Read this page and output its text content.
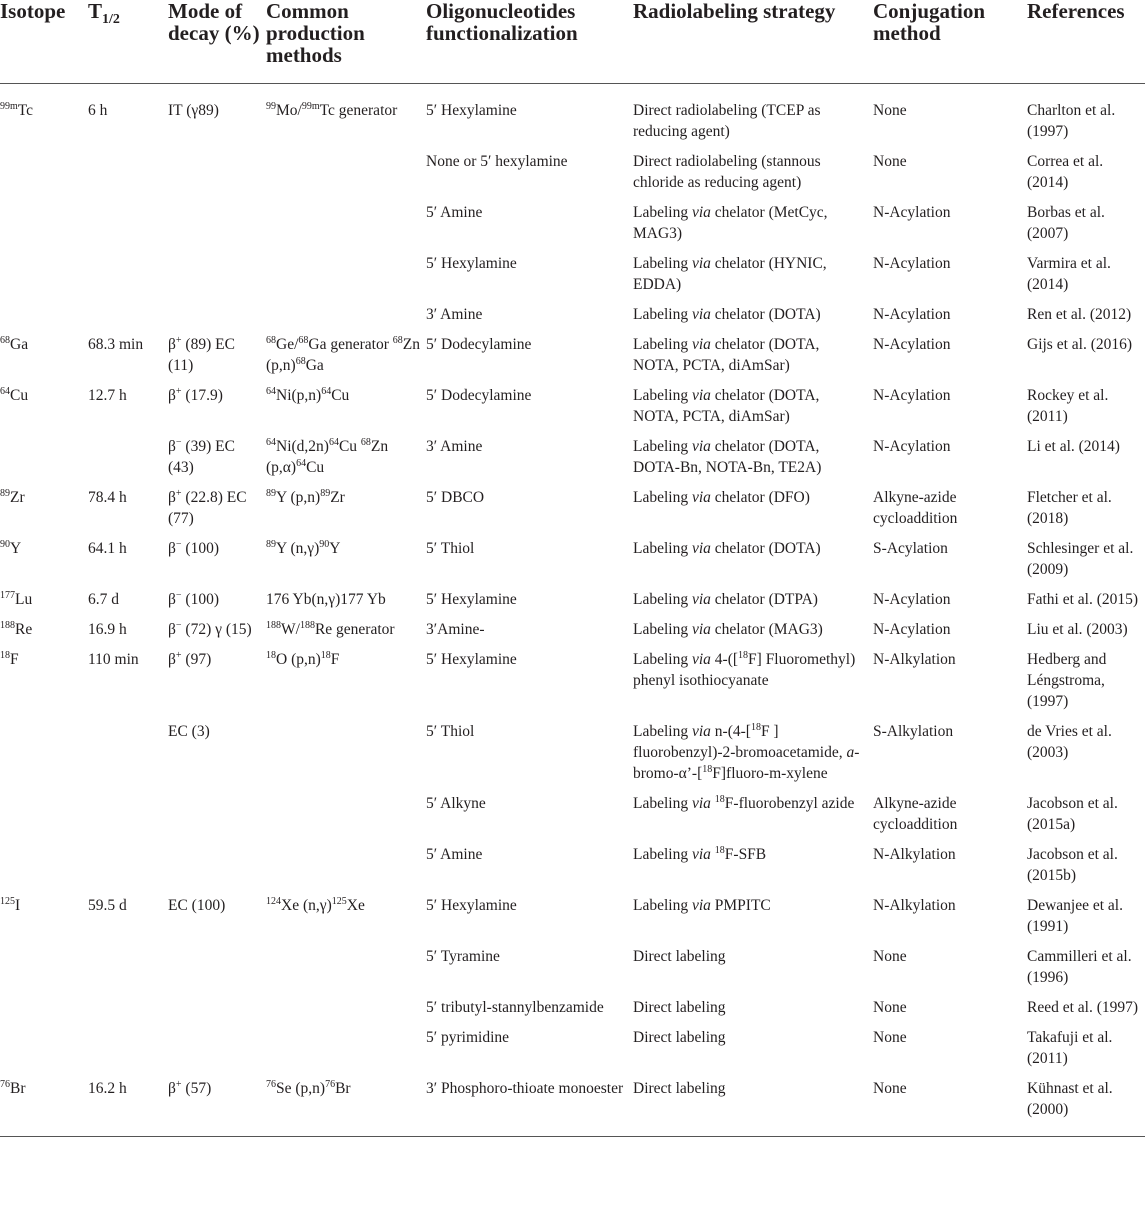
Isotope	$T_{1/2}$	Mode of decay (%)	Common production methods	Oligonucleotides functionalization	Radiolabeling strategy	Conjugation method	References
$^{99m}$Tc	6 h	IT (γ89)	$^{99}$Mo/$^{99m}$Tc generator	5′ Hexylamine	Direct radiolabeling (TCEP as reducing agent)	None	Charlton et al. (1997)
				None or 5′ hexylamine	Direct radiolabeling (stannous chloride as reducing agent)	None	Correa et al. (2014)
				5′ Amine	Labeling via chelator (MetCyc, MAG3)	N-Acylation	Borbas et al. (2007)
				5′ Hexylamine	Labeling via chelator (HYNIC, EDDA)	N-Acylation	Varmira et al. (2014)
				3′ Amine	Labeling via chelator (DOTA)	N-Acylation	Ren et al. (2012)
$^{68}$Ga	68.3 min	β+ (89) EC (11)	$^{68}$Ge/$^{68}$Ga generator $^{68}$Zn $(p,n)^{68}Ga$	5′ Dodecylamine	Labeling via chelator (DOTA, NOTA, PCTA, diAmSar)	N-Acylation	Gijs et al. (2016)
$^{64}$Cu	12.7 h	β+ (17.9)	$^{64}Ni(p,n)^{64}Cu$	5′ Dodecylamine	Labeling via chelator (DOTA, NOTA, PCTA, diAmSar)	N-Acylation	Rockey et al. (2011)
		β− (39) EC (43)	$^{64}Ni(d,2n)^{64}Cu$ $^{68}$Zn $(p,\alpha)^{64}Cu$	3′ Amine	Labeling via chelator (DOTA, DOTA-Bn, NOTA-Bn, TE2A)	N-Acylation	Li et al. (2014)
$^{89}$Zr	78.4 h	β+ (22.8) EC (77)	$^{89}$Y $(p,n)^{89}Zr$	5′ DBCO	Labeling via chelator (DFO)	Alkyne-azide cycloaddition	Fletcher et al. (2018)
$^{90}$Y	64.1 h	β− (100)	$^{89}$Y $(n,\gamma)^{90}Y$	5′ Thiol	Labeling via chelator (DOTA)	S-Acylation	Schlesinger et al. (2009)
$^{177}$Lu	6.7 d	β− (100)	176 Yb(n,γ)177 Yb	5′ Hexylamine	Labeling via chelator (DTPA)	N-Acylation	Fathi et al. (2015)
$^{188}$Re	16.9 h	β− (72) γ (15)	$^{188}$W/$^{188}$Re generator	3′Amine-	Labeling via chelator (MAG3)	N-Acylation	Liu et al. (2003)
$^{18}$F	110 min	β+ (97)	$^{18}$O $(p,n)^{18}F$	5′ Hexylamine	Labeling via 4-([$^{18}$F] Fluoromethyl) phenyl isothiocyanate	N-Alkylation	Hedberg and Léngstroma, (1997)
		EC (3)		5′ Thiol	Labeling via n-(4-[$^{18}$F ] fluorobenzyl)-2-bromoacetamide, a-bromo-α’-[$^{18}$F]fluoro-m-xylene	S-Alkylation	de Vries et al. (2003)
				5′ Alkyne	Labeling via $^{18}$F-fluorobenzyl azide	Alkyne-azide cycloaddition	Jacobson et al. (2015a)
				5′ Amine	Labeling via $^{18}$F-SFB	N-Alkylation	Jacobson et al. (2015b)
$^{125}$I	59.5 d	EC (100)	$^{124}$Xe $(n,\gamma)^{125}Xe$	5′ Hexylamine	Labeling via PMPITC	N-Alkylation	Dewanjee et al. (1991)
				5′ Tyramine	Direct labeling	None	Cammilleri et al. (1996)
				5′ tributyl-stannylbenzamide	Direct labeling	None	Reed et al. (1997)
				5′ pyrimidine	Direct labeling	None	Takafuji et al. (2011)
$^{76}$Br	16.2 h	β+ (57)	$^{76}$Se $(p,n)^{76}Br$	3′ Phosphoro-thioate monoester	Direct labeling	None	Kühnast et al. (2000)
